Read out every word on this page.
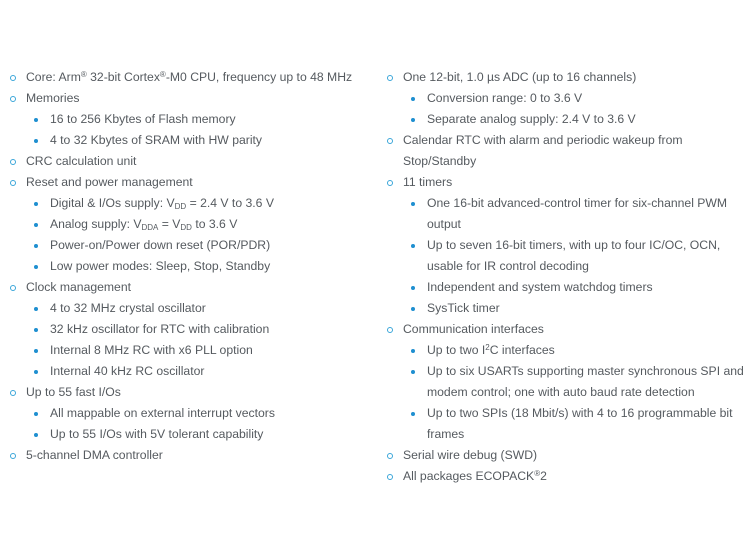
Core: Arm® 32-bit Cortex®-M0 CPU, frequency up to 48 MHz
Memories
16 to 256 Kbytes of Flash memory
4 to 32 Kbytes of SRAM with HW parity
CRC calculation unit
Reset and power management
Digital & I/Os supply: $V_{DD} = 2.4$ V to 3.6 V
Analog supply: $V_{DDA} = V_{DD}$ to 3.6 V
Power-on/Power down reset (POR/PDR)
Low power modes: Sleep, Stop, Standby
Clock management
4 to 32 MHz crystal oscillator
32 kHz oscillator for RTC with calibration
Internal 8 MHz RC with x6 PLL option
Internal 40 kHz RC oscillator
Up to 55 fast I/Os
All mappable on external interrupt vectors
Up to 55 I/Os with 5V tolerant capability
5-channel DMA controller
One 12-bit, 1.0 µs ADC (up to 16 channels)
Conversion range: 0 to 3.6 V
Separate analog supply: 2.4 V to 3.6 V
Calendar RTC with alarm and periodic wakeup from Stop/Standby
11 timers
One 16-bit advanced-control timer for six-channel PWM output
Up to seven 16-bit timers, with up to four IC/OC, OCN, usable for IR control decoding
Independent and system watchdog timers
SysTick timer
Communication interfaces
Up to two $I^2C$ interfaces
Up to six USARTs supporting master synchronous SPI and modem control; one with auto baud rate detection
Up to two SPIs (18 Mbit/s) with 4 to 16 programmable bit frames
Serial wire debug (SWD)
All packages ECOPACK®2
